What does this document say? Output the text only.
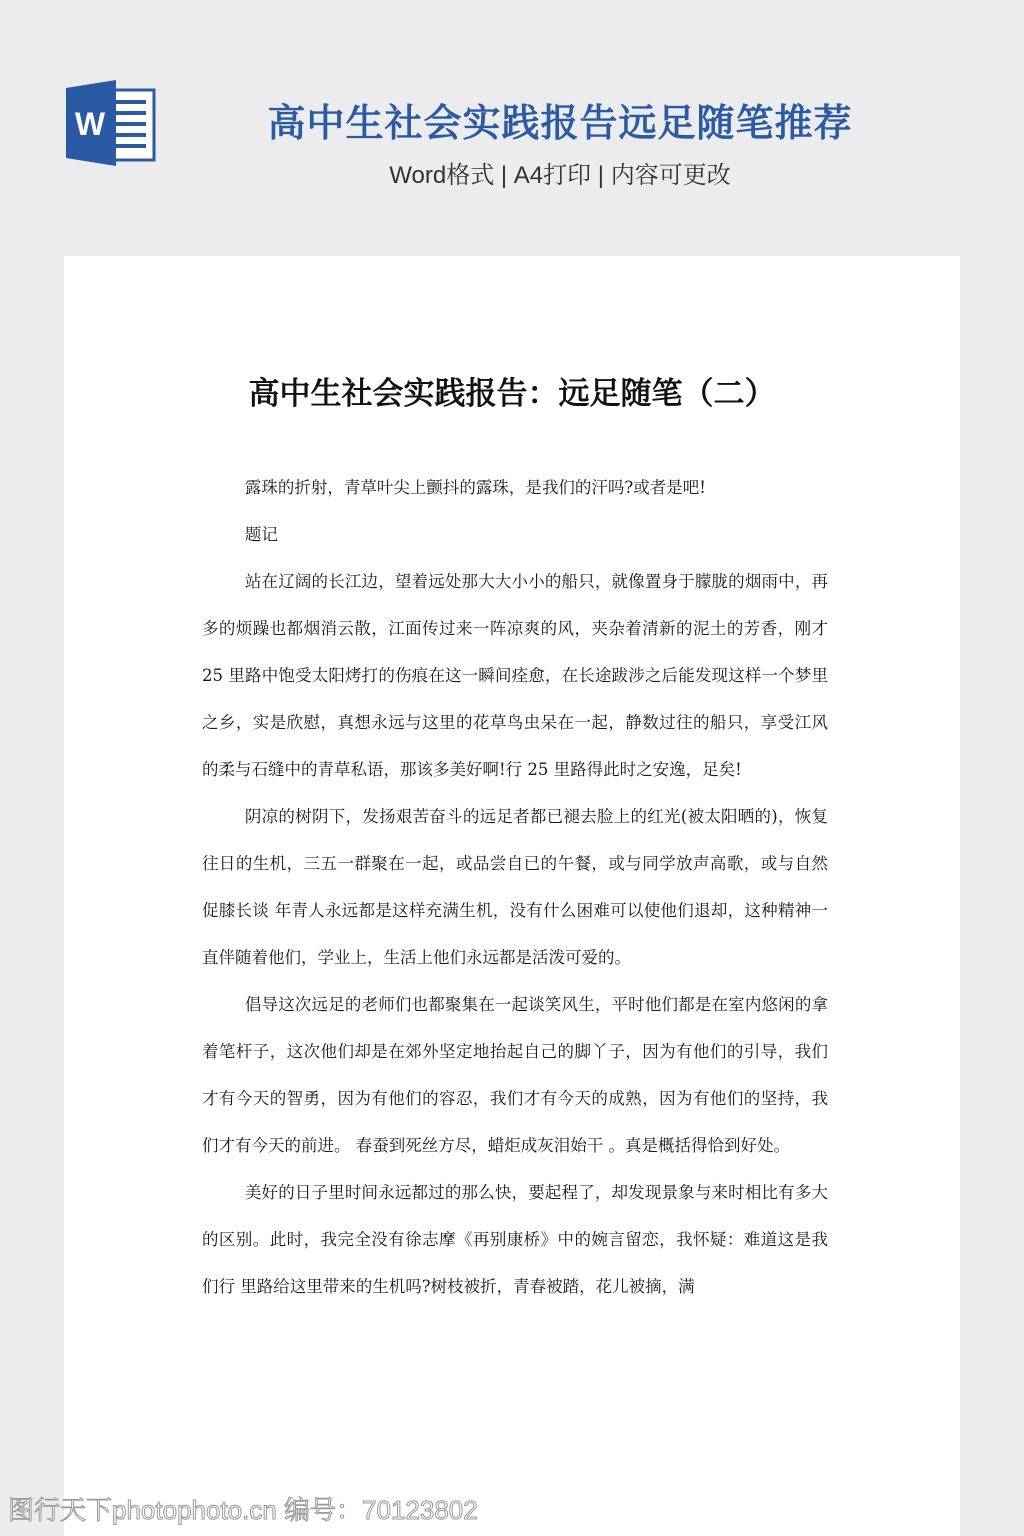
W	高中生社会实践报告远足随笔推荐
Word格式 | A4打印 | 内容可更改
高中生社会实践报告：远足随笔（二）

露珠的折射，青草叶尖上颤抖的露珠，是我们的汗吗?或者是吧!

题记

站在辽阔的长江边，望着远处那大大小小的船只，就像置身于朦胧的烟雨中，再多的烦躁也都烟消云散，江面传过来一阵凉爽的风，夹杂着清新的泥土的芳香，刚才 25 里路中饱受太阳烤打的伤痕在这一瞬间痊愈，在长途跋涉之后能发现这样一个梦里之乡，实是欣慰，真想永远与这里的花草鸟虫呆在一起，静数过往的船只，享受江风的柔与石缝中的青草私语，那该多美好啊!行 25 里路得此时之安逸，足矣!

阴凉的树阴下，发扬艰苦奋斗的远足者都已褪去脸上的红光(被太阳晒的)，恢复往日的生机，三五一群聚在一起，或品尝自已的午餐，或与同学放声高歌，或与自然促膝长谈 年青人永远都是这样充满生机，没有什么困难可以使他们退却，这种精神一直伴随着他们，学业上，生活上他们永远都是活泼可爱的。

倡导这次远足的老师们也都聚集在一起谈笑风生，平时他们都是在室内悠闲的拿着笔杆子，这次他们却是在郊外坚定地抬起自己的脚丫子，因为有他们的引导，我们才有今天的智勇，因为有他们的容忍，我们才有今天的成熟，因为有他们的坚持，我们才有今天的前进。 春蚕到死丝方尽，蜡炬成灰泪始干 。真是概括得恰到好处。

美好的日子里时间永远都过的那么快，要起程了，却发现景象与来时相比有多大的区别。此时，我完全没有徐志摩《再别康桥》中的婉言留恋，我怀疑：难道这是我们行 里路给这里带来的生机吗?树枝被折，青春被踏，花儿被摘，满

图行天下photophoto.cn 编号：70123802
